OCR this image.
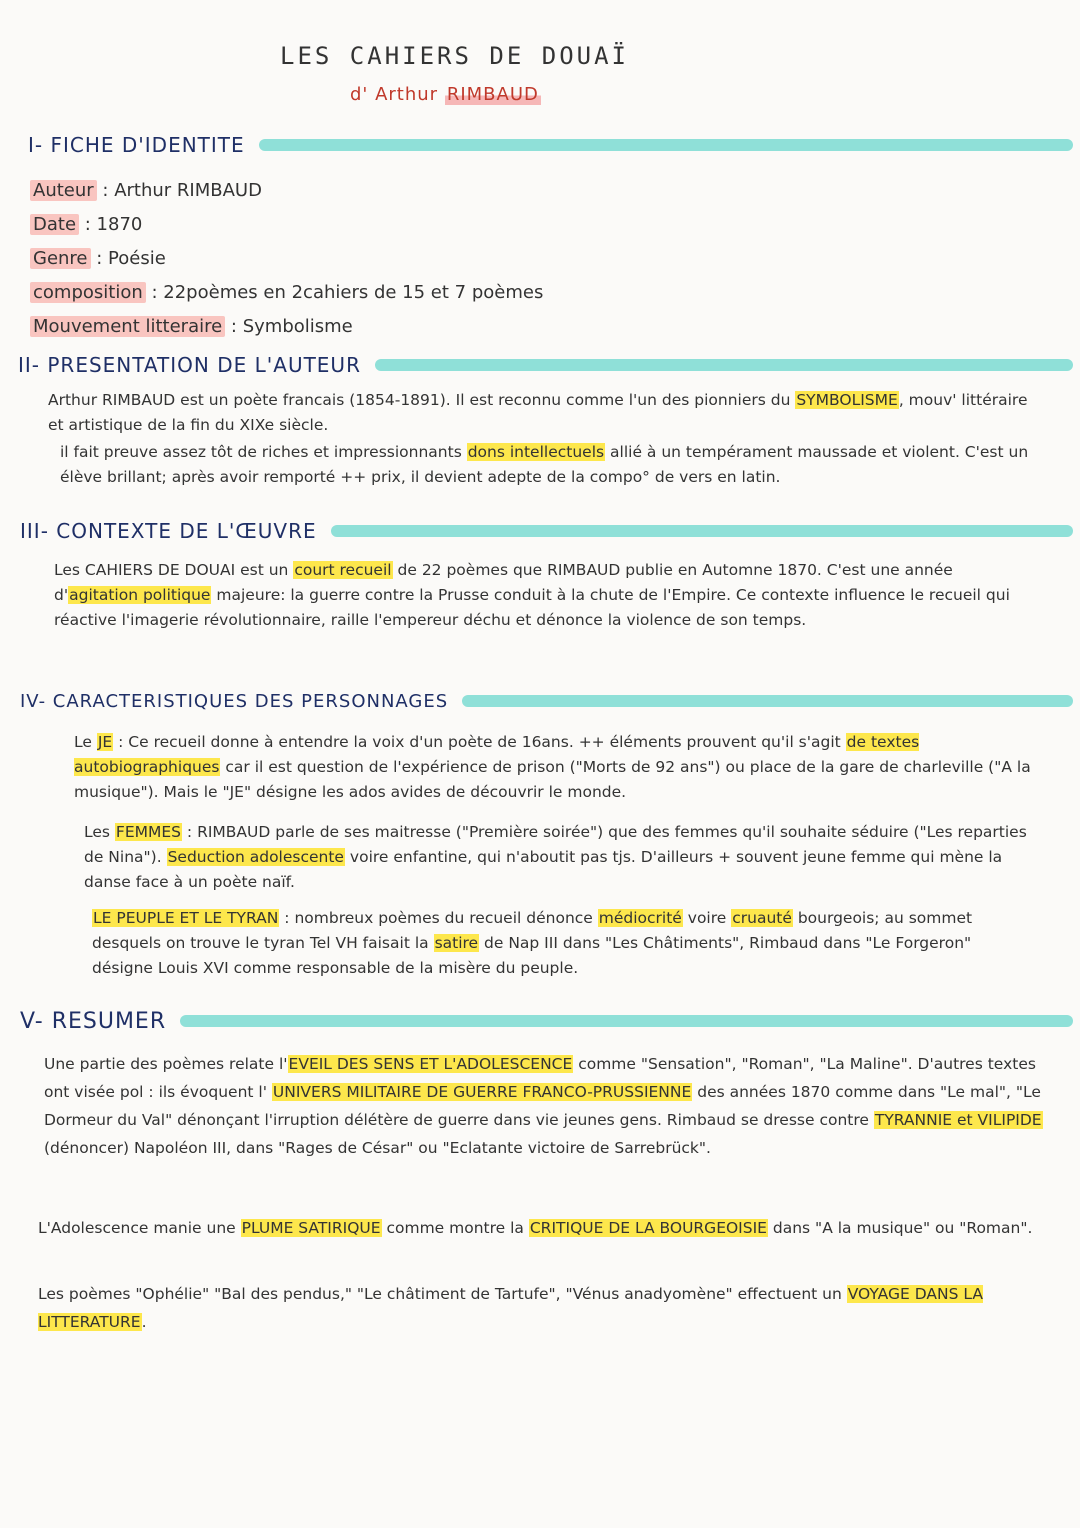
LES CAHIERS DE DOUAÏ
d' Arthur RIMBAUD
I- FICHE D'IDENTITE
Auteur : Arthur RIMBAUD
Date : 1870
Genre : Poésie
composition : 22poèmes en 2cahiers de 15 et 7 poèmes
Mouvement litteraire : Symbolisme
II- PRESENTATION DE L'AUTEUR
Arthur RIMBAUD est un poète francais (1854-1891). Il est reconnu comme l'un des pionniers du SYMBOLISME, mouv' littéraire et artistique de la fin du XIXe siècle.
il fait preuve assez tôt de riches et impressionnants dons intellectuels allié à un tempérament maussade et violent. C'est un élève brillant; après avoir remporté ++ prix, il devient adepte de la compo° de vers en latin.
III- CONTEXTE DE L'ŒUVRE
Les CAHIERS DE DOUAI est un court recueil de 22 poèmes que RIMBAUD publie en Automne 1870. C'est une année d'agitation politique majeure: la guerre contre la Prusse conduit à la chute de l'Empire. Ce contexte influence le recueil qui réactive l'imagerie révolutionnaire, raille l'empereur déchu et dénonce la violence de son temps.
IV- CARACTERISTIQUES DES PERSONNAGES
Le JE : Ce recueil donne à entendre la voix d'un poète de 16ans. ++ éléments prouvent qu'il s'agit de textes autobiographiques car il est question de l'expérience de prison ("Morts de 92 ans") ou place de la gare de charleville ("A la musique"). Mais le "JE" désigne les ados avides de découvrir le monde.
Les FEMMES : RIMBAUD parle de ses maitresse ("Première soirée") que des femmes qu'il souhaite séduire ("Les reparties de Nina"). Seduction adolescente voire enfantine, qui n'aboutit pas tjs. D'ailleurs + souvent jeune femme qui mène la danse face à un poète naïf.
LE PEUPLE ET LE TYRAN : nombreux poèmes du recueil dénonce médiocrité voire cruauté bourgeois; au sommet desquels on trouve le tyran Tel VH faisait la satire de Nap III dans "Les Châtiments", Rimbaud dans "Le Forgeron" désigne Louis XVI comme responsable de la misère du peuple.
V- RESUMER
Une partie des poèmes relate l'EVEIL DES SENS ET L'ADOLESCENCE comme "Sensation", "Roman", "La Maline". D'autres textes ont visée pol : ils évoquent l' UNIVERS MILITAIRE DE GUERRE FRANCO-PRUSSIENNE des années 1870 comme dans "Le mal", "Le Dormeur du Val" dénonçant l'irruption délétère de guerre dans vie jeunes gens. Rimbaud se dresse contre TYRANNIE et VILIPIDE (dénoncer) Napoléon III, dans "Rages de César" ou "Eclatante victoire de Sarrebrück".
L'Adolescence manie une PLUME SATIRIQUE comme montre la CRITIQUE DE LA BOURGEOISIE dans "A la musique" ou "Roman".
Les poèmes "Ophélie" "Bal des pendus," "Le châtiment de Tartufe", "Vénus anadyomène" effectuent un VOYAGE DANS LA LITTERATURE.
